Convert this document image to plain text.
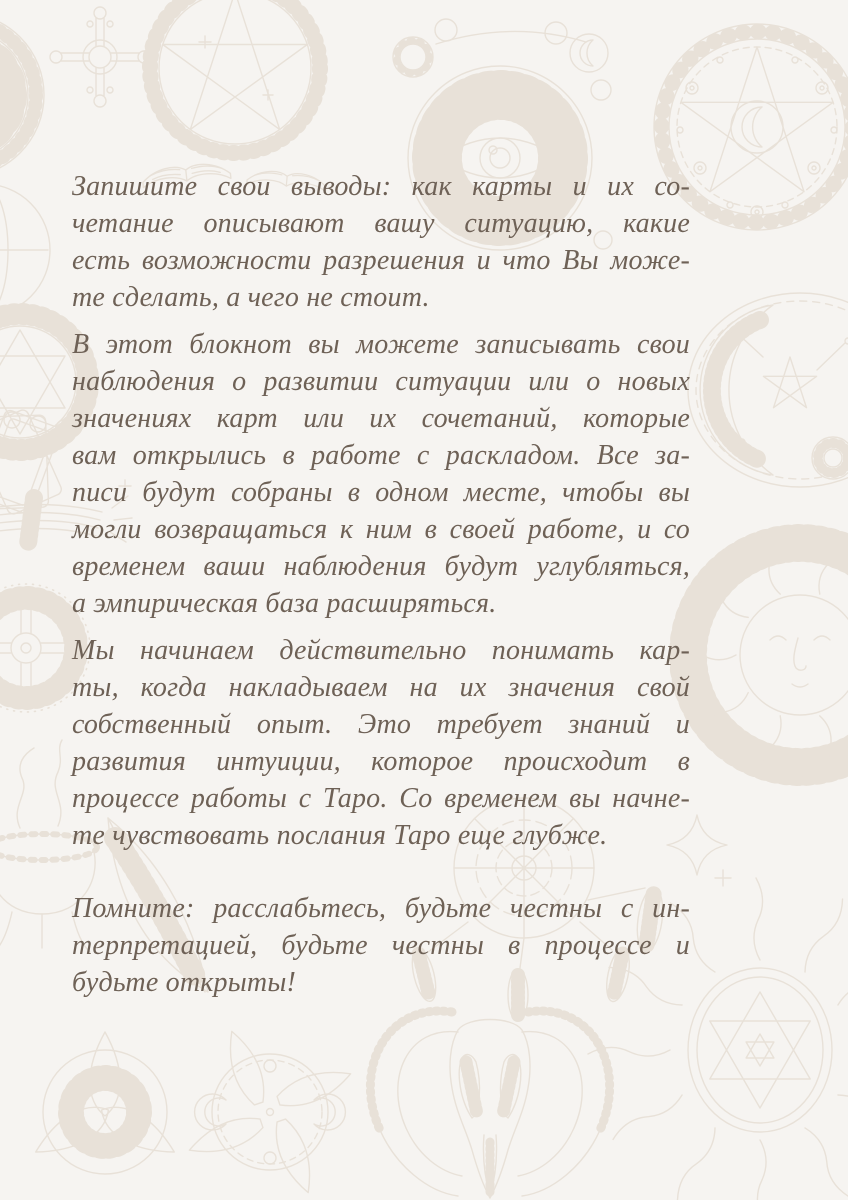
Запишите свои выводы: как карты и их со-
четание описывают вашу ситуацию, какие
есть возможности разрешения и что Вы може-
те сделать, а чего не стоит.
В этот блокнот вы можете записывать свои
наблюдения о развитии ситуации или о новых
значениях карт или их сочетаний, которые
вам открылись в работе с раскладом. Все за-
писи будут собраны в одном месте, чтобы вы
могли возвращаться к ним в своей работе, и со
временем ваши наблюдения будут углубляться,
а эмпирическая база расширяться.
Мы начинаем действительно понимать кар-
ты, когда накладываем на их значения свой
собственный опыт. Это требует знаний и
развития интуиции, которое происходит в
процессе работы с Таро. Со временем вы начне-
те чувствовать послания Таро еще глубже.
Помните: расслабьтесь, будьте честны с ин-
терпретацией, будьте честны в процессе и
будьте открыты!
